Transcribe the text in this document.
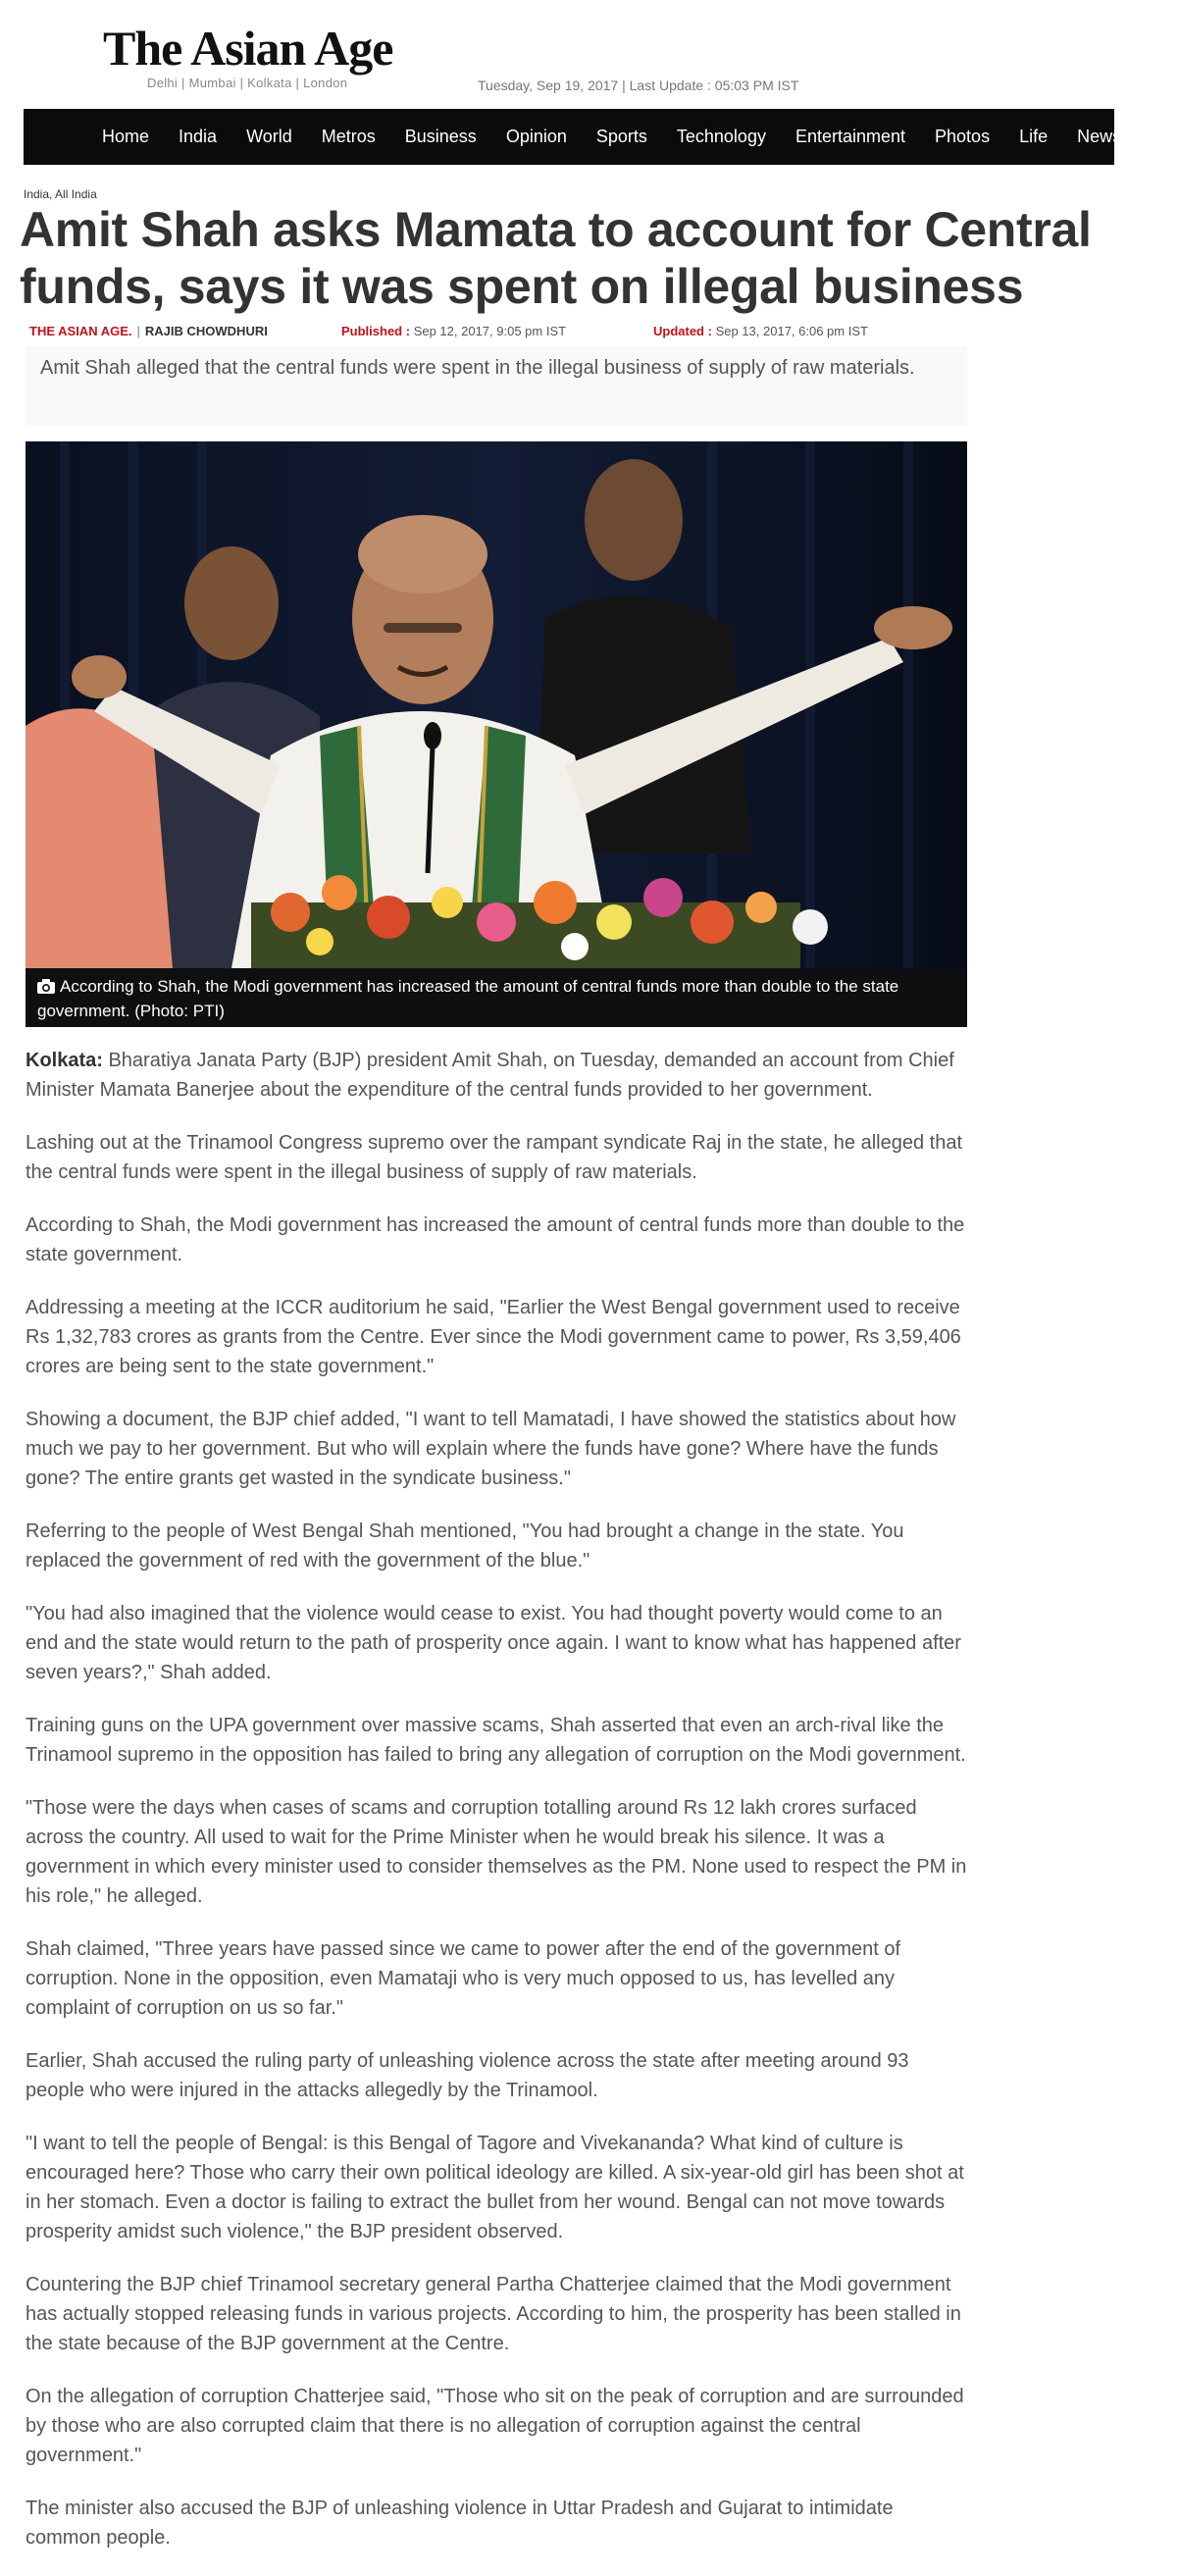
The Asian Age
Delhi | Mumbai | Kolkata | London	Tuesday, Sep 19, 2017 | Last Update : 05:03 PM IST
Home India World Metros Business Opinion Sports Technology Entertainment Photos Life Newsmakers
India, All India
Amit Shah asks Mamata to account for Central funds, says it was spent on illegal business
THE ASIAN AGE. | RAJIB CHOWDHURI	Published : Sep 12, 2017, 9:05 pm IST	Updated : Sep 13, 2017, 6:06 pm IST
Amit Shah alleged that the central funds were spent in the illegal business of supply of raw materials.
According to Shah, the Modi government has increased the amount of central funds more than double to the state government. (Photo: PTI)

Kolkata: Bharatiya Janata Party (BJP) president Amit Shah, on Tuesday, demanded an account from Chief Minister Mamata Banerjee about the expenditure of the central funds provided to her government.

Lashing out at the Trinamool Congress supremo over the rampant syndicate Raj in the state, he alleged that the central funds were spent in the illegal business of supply of raw materials.

According to Shah, the Modi government has increased the amount of central funds more than double to the state government.

Addressing a meeting at the ICCR auditorium he said, "Earlier the West Bengal government used to receive Rs 1,32,783 crores as grants from the Centre. Ever since the Modi government came to power, Rs 3,59,406 crores are being sent to the state government."

Showing a document, the BJP chief added, "I want to tell Mamatadi, I have showed the statistics about how much we pay to her government. But who will explain where the funds have gone? Where have the funds gone? The entire grants get wasted in the syndicate business."

Referring to the people of West Bengal Shah mentioned, "You had brought a change in the state. You replaced the government of red with the government of the blue."

"You had also imagined that the violence would cease to exist. You had thought poverty would come to an end and the state would return to the path of prosperity once again. I want to know what has happened after seven years?," Shah added.

Training guns on the UPA government over massive scams, Shah asserted that even an arch-rival like the Trinamool supremo in the opposition has failed to bring any allegation of corruption on the Modi government.

"Those were the days when cases of scams and corruption totalling around Rs 12 lakh crores surfaced across the country. All used to wait for the Prime Minister when he would break his silence. It was a government in which every minister used to consider themselves as the PM. None used to respect the PM in his role," he alleged.

Shah claimed, "Three years have passed since we came to power after the end of the government of corruption. None in the opposition, even Mamataji who is very much opposed to us, has levelled any complaint of corruption on us so far."

Earlier, Shah accused the ruling party of unleashing violence across the state after meeting around 93 people who were injured in the attacks allegedly by the Trinamool.

"I want to tell the people of Bengal: is this Bengal of Tagore and Vivekananda? What kind of culture is encouraged here? Those who carry their own political ideology are killed. A six-year-old girl has been shot at in her stomach. Even a doctor is failing to extract the bullet from her wound. Bengal can not move towards prosperity amidst such violence," the BJP president observed.

Countering the BJP chief Trinamool secretary general Partha Chatterjee claimed that the Modi government has actually stopped releasing funds in various projects. According to him, the prosperity has been stalled in the state because of the BJP government at the Centre.

On the allegation of corruption Chatterjee said, "Those who sit on the peak of corruption and are surrounded by those who are also corrupted claim that there is no allegation of corruption against the central government."

The minister also accused the BJP of unleashing violence in Uttar Pradesh and Gujarat to intimidate common people.
